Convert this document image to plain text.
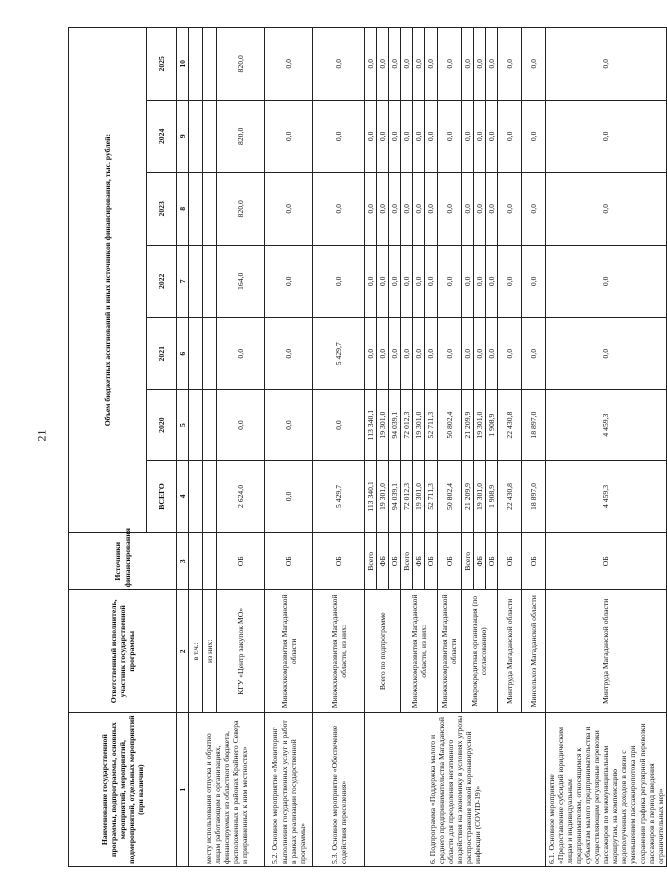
21
Наименование государственной программы, подпрограммы, основных мероприятий, мероприятий, подмероприятий, отдельных мероприятий (при наличии)	Ответственный исполнитель, участник государственной программы	Источники финансирования	Объем бюджетных ассигнований и иных источников финансирования, тыс. рублей:						
			ВСЕГО	2020	2021	2022	2023	2024	2025
1	2	3	4	5	6	7	8	9	10
месту использования отпуска и обратно лицам работающим в организациях, финансируемых из областного бюджета, расположенных в районах Крайнего Севера и приравненных к ним местностях»	в т.ч.:								
	из них:								
	КГУ «Центр закупок МО»	ОБ	2 624,0	0,0	0,0	164,0	820,0	820,0	820,0
5.2. Основное мероприятие «Мониторинг выполнения государственных услуг и работ в рамках реализации государственной программы»	Минжкхкомразвития Магаданской области	ОБ	0,0	0,0	0,0	0,0	0,0	0,0	0,0
5.3. Основное мероприятие «Обеспечение содействия переселения»	Минжкхкомразвития Магаданской области, из них:	ОБ	5 429,7	0,0	5 429,7	0,0	0,0	0,0	0,0
6. Подпрограмма «Поддержка малого и среднего предпринимательства Магаданской области для преодоления негативного воздействия на экономику в условиях угрозы распространения новой коронавирусной инфекции (COVID-19)»	Всего по подпрограмме	Всего	113 340,1	113 340,1	0,0	0,0	0,0	0,0	0,0
		ФБ	19 301,0	19 301,0	0,0	0,0	0,0	0,0	0,0
		ОБ	94 039,1	94 039,1	0,0	0,0	0,0	0,0	0,0
	Минжкхкомразвития Магаданской области, из них:	Всего	72 012,3	72 012,3	0,0	0,0	0,0	0,0	0,0
		ФБ	19 301,0	19 301,0	0,0	0,0	0,0	0,0	0,0
		ОБ	52 711,3	52 711,3	0,0	0,0	0,0	0,0	0,0
	Минжкхкомразвития Магаданской области	ОБ	50 802,4	50 802,4	0,0	0,0	0,0	0,0	0,0
	Микрокредитная организация (по согласованию)	Всего	21 209,9	21 209,9	0,0	0,0	0,0	0,0	0,0
		ФБ	19 301,0	19 301,0	0,0	0,0	0,0	0,0	0,0
		ОБ	1 908,9	1 908,9	0,0	0,0	0,0	0,0	0,0
	Минтруда Магаданской области	ОБ	22 430,8	22 430,8	0,0	0,0	0,0	0,0	0,0
	Минсельхоз Магаданской области	ОБ	18 897,0	18 897,0	0,0	0,0	0,0	0,0	0,0
6.1. Основное мероприятие «Предоставление субсидий юридическим лицам и индивидуальным предпринимателям, относящимся к субъектам малого предпринимательства и осуществляющим регулярные перевозки пассажиров по межмуниципальным маршрутам, на компенсацию недополученных доходов в связи с уменьшением пассажиропотока при сохранении графика регулярной перевозки пассажиров в период введения ограничительных мер»	Минтруда Магаданской области	ОБ	4 459,3	4 459,3	0,0	0,0	0,0	0,0	0,0
